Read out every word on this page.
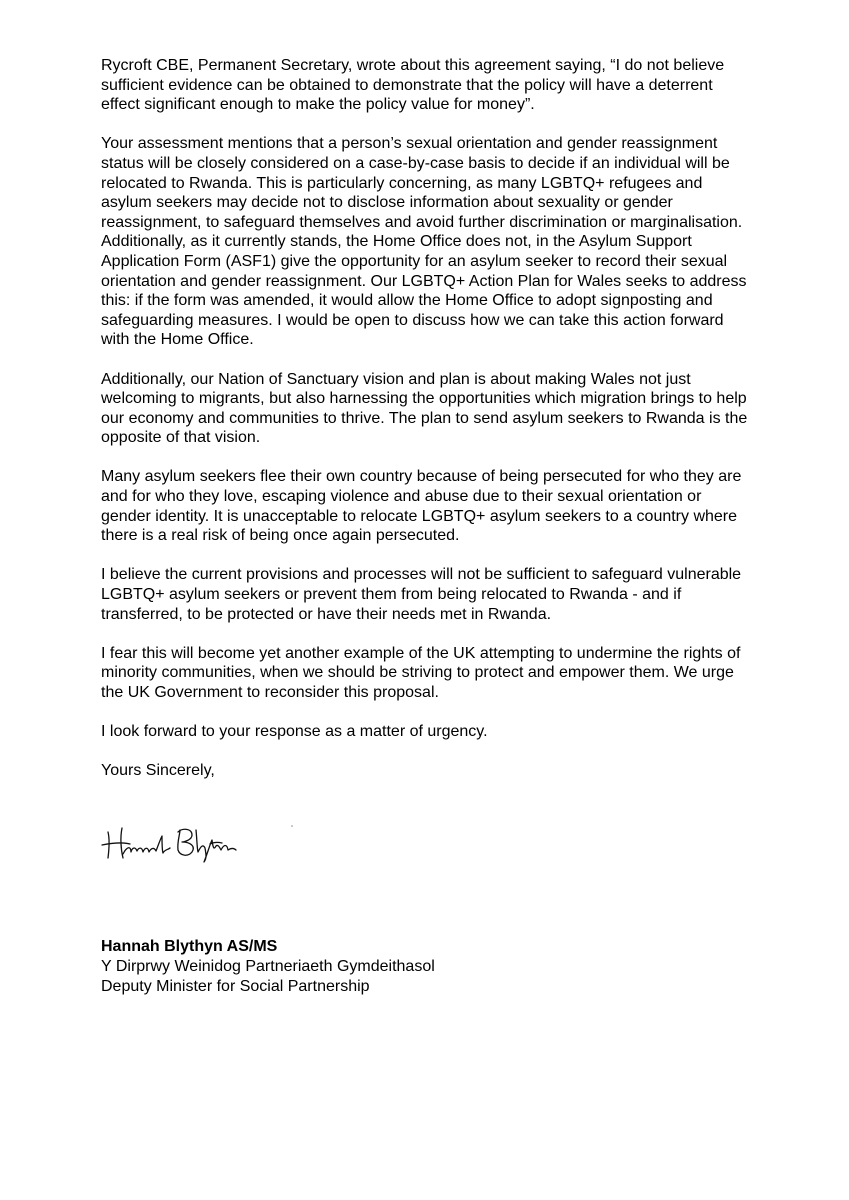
Rycroft CBE, Permanent Secretary, wrote about this agreement saying, “I do not believe
sufficient evidence can be obtained to demonstrate that the policy will have a deterrent
effect significant enough to make the policy value for money”.

Your assessment mentions that a person’s sexual orientation and gender reassignment
status will be closely considered on a case-by-case basis to decide if an individual will be
relocated to Rwanda. This is particularly concerning, as many LGBTQ+ refugees and
asylum seekers may decide not to disclose information about sexuality or gender
reassignment, to safeguard themselves and avoid further discrimination or marginalisation.
Additionally, as it currently stands, the Home Office does not, in the Asylum Support
Application Form (ASF1) give the opportunity for an asylum seeker to record their sexual
orientation and gender reassignment. Our LGBTQ+ Action Plan for Wales seeks to address
this: if the form was amended, it would allow the Home Office to adopt signposting and
safeguarding measures. I would be open to discuss how we can take this action forward
with the Home Office.

Additionally, our Nation of Sanctuary vision and plan is about making Wales not just
welcoming to migrants, but also harnessing the opportunities which migration brings to help
our economy and communities to thrive. The plan to send asylum seekers to Rwanda is the
opposite of that vision.

Many asylum seekers flee their own country because of being persecuted for who they are
and for who they love, escaping violence and abuse due to their sexual orientation or
gender identity. It is unacceptable to relocate LGBTQ+ asylum seekers to a country where
there is a real risk of being once again persecuted.

I believe the current provisions and processes will not be sufficient to safeguard vulnerable
LGBTQ+ asylum seekers or prevent them from being relocated to Rwanda - and if
transferred, to be protected or have their needs met in Rwanda.

I fear this will become yet another example of the UK attempting to undermine the rights of
minority communities, when we should be striving to protect and empower them. We urge
the UK Government to reconsider this proposal.

I look forward to your response as a matter of urgency.

Yours Sincerely,

Hannah Blythyn AS/MS
Y Dirprwy Weinidog Partneriaeth Gymdeithasol
Deputy Minister for Social Partnership
